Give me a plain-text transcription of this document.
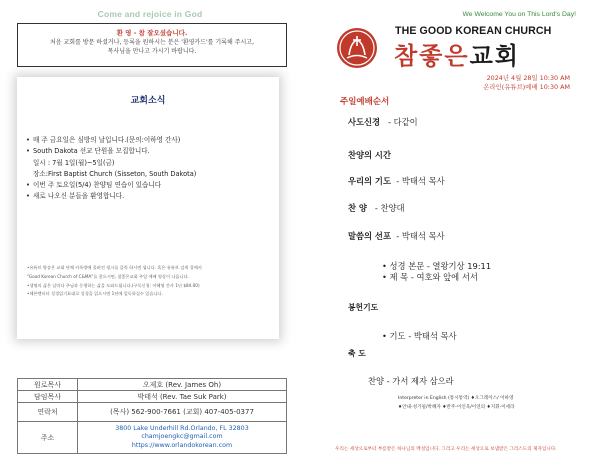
Come and rejoice in God
환 영 - 참 잘오셨습니다.
처음 교회를 방문 하셨거나, 등록을 원하시는 분은 '환영카드'를 기록해 주시고,
목사님을 만나고 가시기 바랍니다.
교회소식
• 매 주 금요일은 심방의 날입니다.(문의:이하영 간사)
• South Dakota 선교 단원을 모집합니다.
일시 : 7월 1일(월)~5일(금)
장소:First Baptist Church (Sisseton, South Dakota)
• 이번 주 토요일(5/4) 찬양팀 연습이 있습니다
• 새로 나오신 분들을 환영합니다.

•유튜브 방송은 교회 단체 카톡방에 올려진 링크를 클릭 하시면 됩니다. 혹은 유튜브 검색 창에서

"Good Korean Church of C&MA"를 찾으시면, 참좋은교회 주일 예배 영상이 나옵니다.

•생명의 삶은 날마다 주님과 동행하는 삶을 도와드립니다.(구독신청: 이혜영 간사 1년 $84.00)

•헤븐맨터터 성경읽기표대로 성경을 읽으시면 1년에 일독하실수 있습니다.

원로목사	오제호 (Rev. James Oh)
담임목사	박태석 (Rev. Tae Suk Park)
연락처	(목사) 562-900-7661 (교회) 407-405-0377
주소	3800 Lake Underhill Rd.Orlando, FL 32803
chamjoengkc@gmail.com
https://www.orlandokorean.com
We Welcome You on This Lord's Day!
THE GOOD KOREAN CHURCH
참좋은교회
2024년 4월 28일 10:30 AM
온라인(유튜브)예배 10:30 AM
주일예배순서
사도신경 - 다같이
찬양의 시간
우리의 기도 - 박태석 목사
찬 양 - 찬양대
말씀의 선포 - 박태석 목사
• 성경 본문 - 열왕기상 19:11
• 제 목 - 여호와 앞에 서서
봉헌기도
• 기도 - 박태석 목사
축 도
찬양 - 가서 제자 삼으라
Interpreter in English (통시통역) ♦오그레이스/ 이하영
♦안내-성기필/박혜자 ♦반주-이인욱/이연의 ♦지휘-이세라
우리는 세상으로부터 부름받은 하나님의 백성입니다. 그리고 우리는 세상으로 보냄받은 그리스도의 제자입니다.
